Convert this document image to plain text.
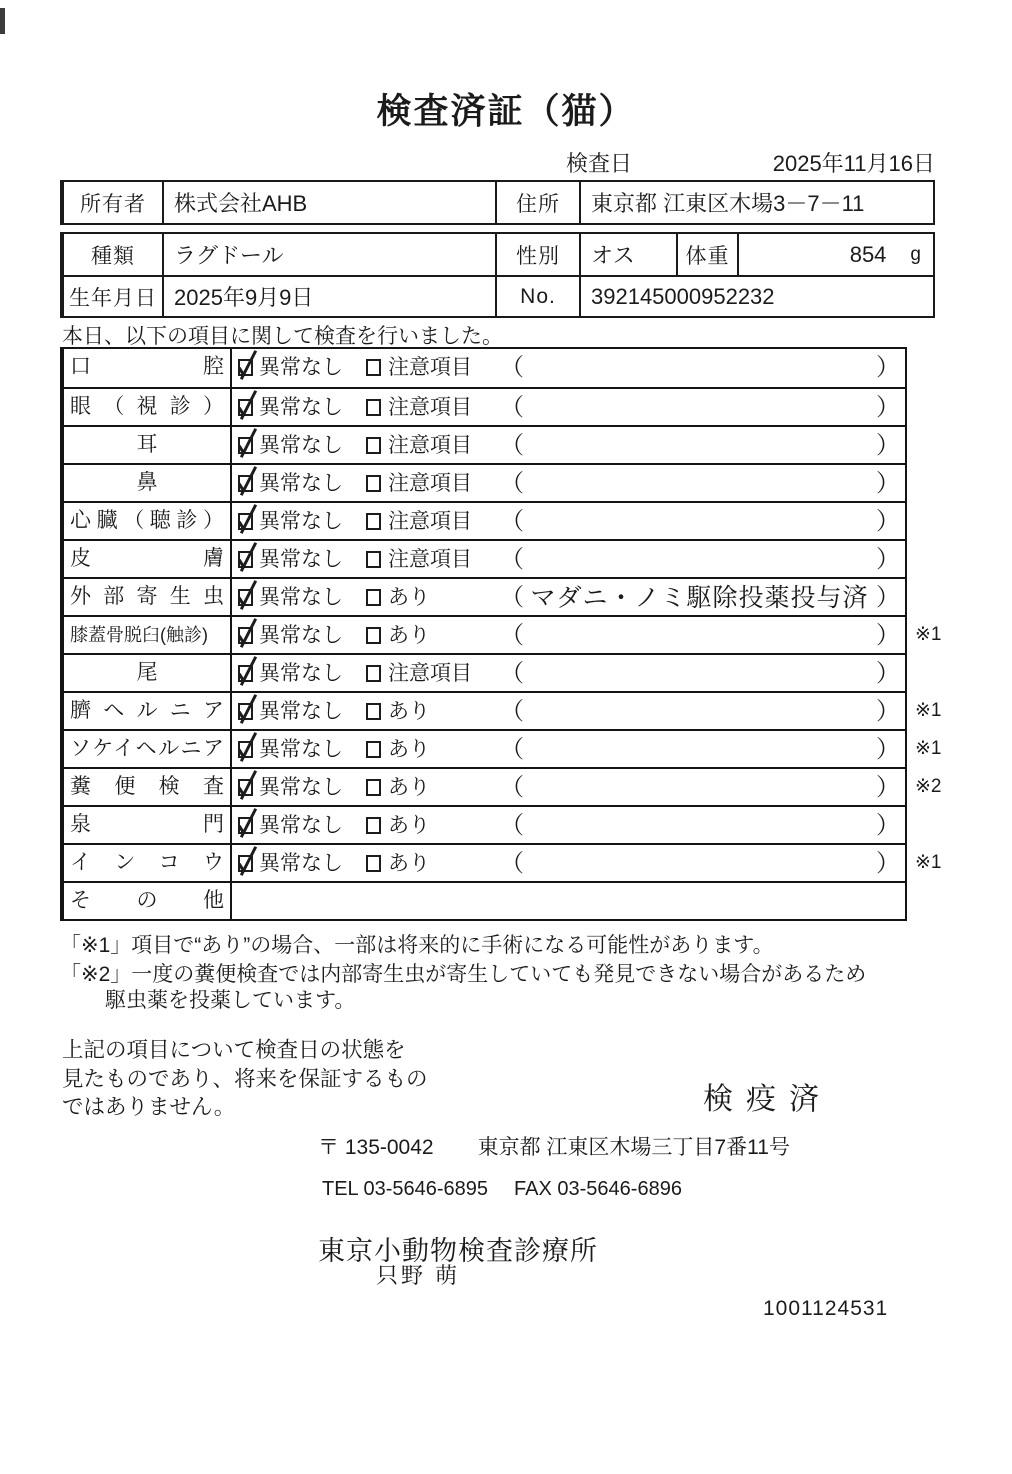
検査済証（猫）
検査日	2025年11月16日
所有者	株式会社AHB	住所	東京都 江東区木場3－7－11
種類	ラグドール	性別	オス	体重	854	g
生年月日 2025年9月9日	No.	392145000952232
本日、以下の項目に関して検査を行いました。
口腔	異常なし 注意項目 （	）
眼（視診）	異常なし 注意項目 （	）
耳	異常なし 注意項目 （	）
鼻	異常なし 注意項目 （	）
心臓（聴診）	異常なし 注意項目 （	）
皮膚	異常なし 注意項目 （	）
外部寄生虫	異常なし あり	（ マダニ・ノミ駆除投薬投与済 ）
膝蓋骨脱臼(触診)	異常なし あり	（	） ※1
尾	異常なし 注意項目 （	）
臍ヘルニア	異常なし あり	（	） ※1
ソケイヘルニア	異常なし あり	（	） ※1
糞便検査	異常なし あり	（	） ※2
泉門	異常なし あり	（	）
インコウ	異常なし あり	（	） ※1
その他
「※1」項目で“あり”の場合、一部は将来的に手術になる可能性があります。
「※2」一度の糞便検査では内部寄生虫が寄生していても発見できない場合があるため
駆虫薬を投薬しています。
上記の項目について検査日の状態を
見たものであり、将来を保証するもの
ではありません。	検疫済
〒 135-0042 東京都 江東区木場三丁目7番11号
TEL 03-5646-6895 FAX 03-5646-6896
東京小動物検査診療所
只野 萌
1001124531
